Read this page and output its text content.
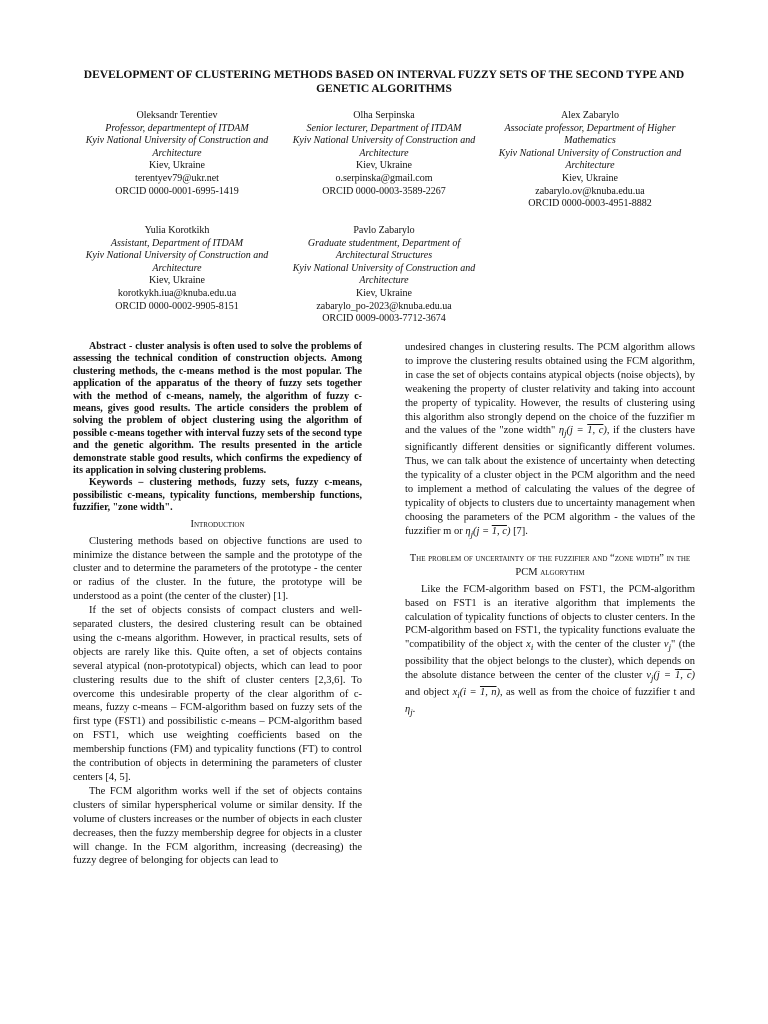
DEVELOPMENT OF CLUSTERING METHODS BASED ON INTERVAL FUZZY SETS OF THE SECOND TYPE AND GENETIC ALGORITHMS
Oleksandr Terentiev
Professor, departmentept of ITDAM
Kyiv National University of Construction and Architecture
Kiev, Ukraine
terentyev79@ukr.net
ORCID 0000-0001-6995-1419
Olha Serpinska
Senior lecturer, Department of ITDAM
Kyiv National University of Construction and Architecture
Kiev, Ukraine
o.serpinska@gmail.com
ORCID 0000-0003-3589-2267
Alex Zabarylo
Associate professor, Department of Higher Mathematics
Kyiv National University of Construction and Architecture
Kiev, Ukraine
zabarylo.ov@knuba.edu.ua
ORCID 0000-0003-4951-8882
Yulia Korotkikh
Assistant, Department of ITDAM
Kyiv National University of Construction and Architecture
Kiev, Ukraine
korotkykh.iua@knuba.edu.ua
ORCID 0000-0002-9905-8151
Pavlo Zabarylo
Graduate studentment, Department of Architectural Structures
Kyiv National University of Construction and Architecture
Kiev, Ukraine
zabarylo_po-2023@knuba.edu.ua
ORCID 0009-0003-7712-3674

Abstract - cluster analysis is often used to solve the problems of assessing the technical condition of construction objects. Among clustering methods, the c-means method is the most popular. The application of the apparatus of the theory of fuzzy sets together with the method of c-means, namely, the algorithm of fuzzy c-means, gives good results. The article considers the problem of solving the problem of object clustering using the algorithm of possible c-means together with interval fuzzy sets of the second type and the genetic algorithm. The results presented in the article demonstrate stable good results, which confirms the expediency of its application in solving clustering problems.

Keywords – clustering methods, fuzzy sets, fuzzy c-means, possibilistic c-means, typicality functions, membership functions, fuzzifier, "zone width".

Introduction

Clustering methods based on objective functions are used to minimize the distance between the sample and the prototype of the cluster and to determine the parameters of the prototype - the center or radius of the cluster. In the future, the prototype will be understood as a point (the center of the cluster) [1].

If the set of objects consists of compact clusters and well-separated clusters, the desired clustering result can be obtained using the c-means algorithm. However, in practical results, sets of objects are rarely like this. Quite often, a set of objects contains several atypical (non-prototypical) objects, which can lead to poor clustering results due to the shift of cluster centers [2,3,6]. To overcome this undesirable property of the clear algorithm of c-means, fuzzy c-means – FCM-algorithm based on fuzzy sets of the first type (FST1) and possibilistic c-means – PCM-algorithm based on FST1, which use weighting coefficients based on the membership functions (FM) and typicality functions (FT) to control the contribution of objects in determining the parameters of cluster centers [4, 5].

The FCM algorithm works well if the set of objects contains clusters of similar hyperspherical volume or similar density. If the volume of clusters increases or the number of objects in each cluster decreases, then the fuzzy membership degree for objects in a cluster will change. In the FCM algorithm, increasing (decreasing) the fuzzy degree of belonging for objects can lead to

undesired changes in clustering results. The PCM algorithm allows to improve the clustering results obtained using the FCM algorithm, in case the set of objects contains atypical objects (noise objects), by weakening the property of cluster relativity and taking into account the property of typicality. However, the results of clustering using this algorithm also strongly depend on the choice of the fuzzifier m and the values of the "zone width" $\eta_j(j = 1$, c), if the clusters have significantly different densities or significantly different volumes. Thus, we can talk about the existence of uncertainty when detecting the typicality of a cluster object in the PCM algorithm and the need to implement a method of calculating the values of the degree of typicality of objects to clusters due to uncertainty management when choosing the parameters of the PCM algorithm - the values of the fuzzifier m or $\eta_j(j = 1$, c) [7].

The problem of uncertainty of the fuzzifier and “zone width” in the PCM algorythm

Like the FCM-algorithm based on FST1, the PCM-algorithm based on FST1 is an iterative algorithm that implements the calculation of typicality functions of objects to cluster centers. In the PCM-algorithm based on FST1, the typicality functions evaluate the "compatibility of the object $x_i$ with the center of the cluster $v_j$" (the possibility that the object belongs to the cluster), which depends on the absolute distance between the center of the cluster $v_j(j = 1$, c) and object $x_i(i = 1$, n), as well as from the choice of fuzzifier t and $\eta_j$.
